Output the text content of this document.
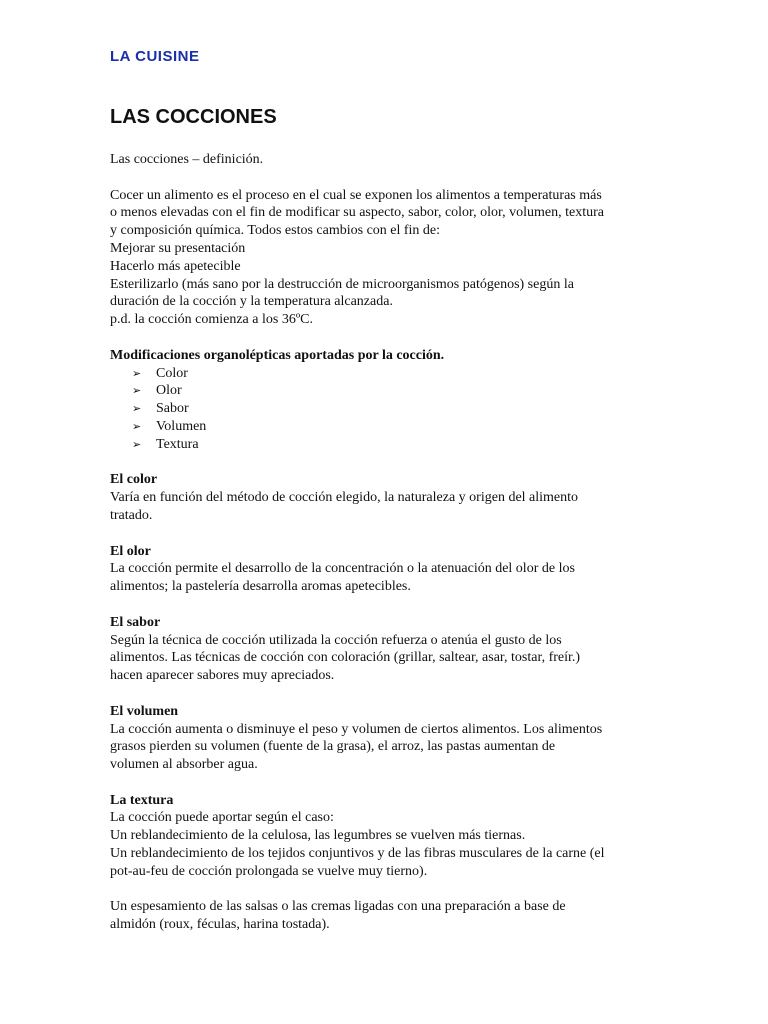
LA CUISINE
LAS COCCIONES
Las cocciones – definición.
Cocer un alimento es el proceso en el cual se exponen los alimentos a temperaturas más
o menos elevadas con el fin de modificar su aspecto, sabor, color, olor, volumen, textura
y composición química. Todos estos cambios con el fin de:
Mejorar su presentación
Hacerlo más apetecible
Esterilizarlo (más sano por la destrucción de microorganismos patógenos) según la
duración de la cocción y la temperatura alcanzada.
p.d. la cocción comienza a los 36ºC.
Modificaciones organolépticas aportadas por la cocción.
➢ Color
➢ Olor
➢ Sabor
➢ Volumen
➢ Textura
El color
Varía en función del método de cocción elegido, la naturaleza y origen del alimento
tratado.
El olor
La cocción permite el desarrollo de la concentración o la atenuación del olor de los
alimentos; la pastelería desarrolla aromas apetecibles.
El sabor
Según la técnica de cocción utilizada la cocción refuerza o atenúa el gusto de los
alimentos. Las técnicas de cocción con coloración (grillar, saltear, asar, tostar, freír.)
hacen aparecer sabores muy apreciados.
El volumen
La cocción aumenta o disminuye el peso y volumen de ciertos alimentos. Los alimentos
grasos pierden su volumen (fuente de la grasa), el arroz, las pastas aumentan de
volumen al absorber agua.
La textura
La cocción puede aportar según el caso:
Un reblandecimiento de la celulosa, las legumbres se vuelven más tiernas.
Un reblandecimiento de los tejidos conjuntivos y de las fibras musculares de la carne (el
pot-au-feu de cocción prolongada se vuelve muy tierno).
Un espesamiento de las salsas o las cremas ligadas con una preparación a base de
almidón (roux, féculas, harina tostada).
